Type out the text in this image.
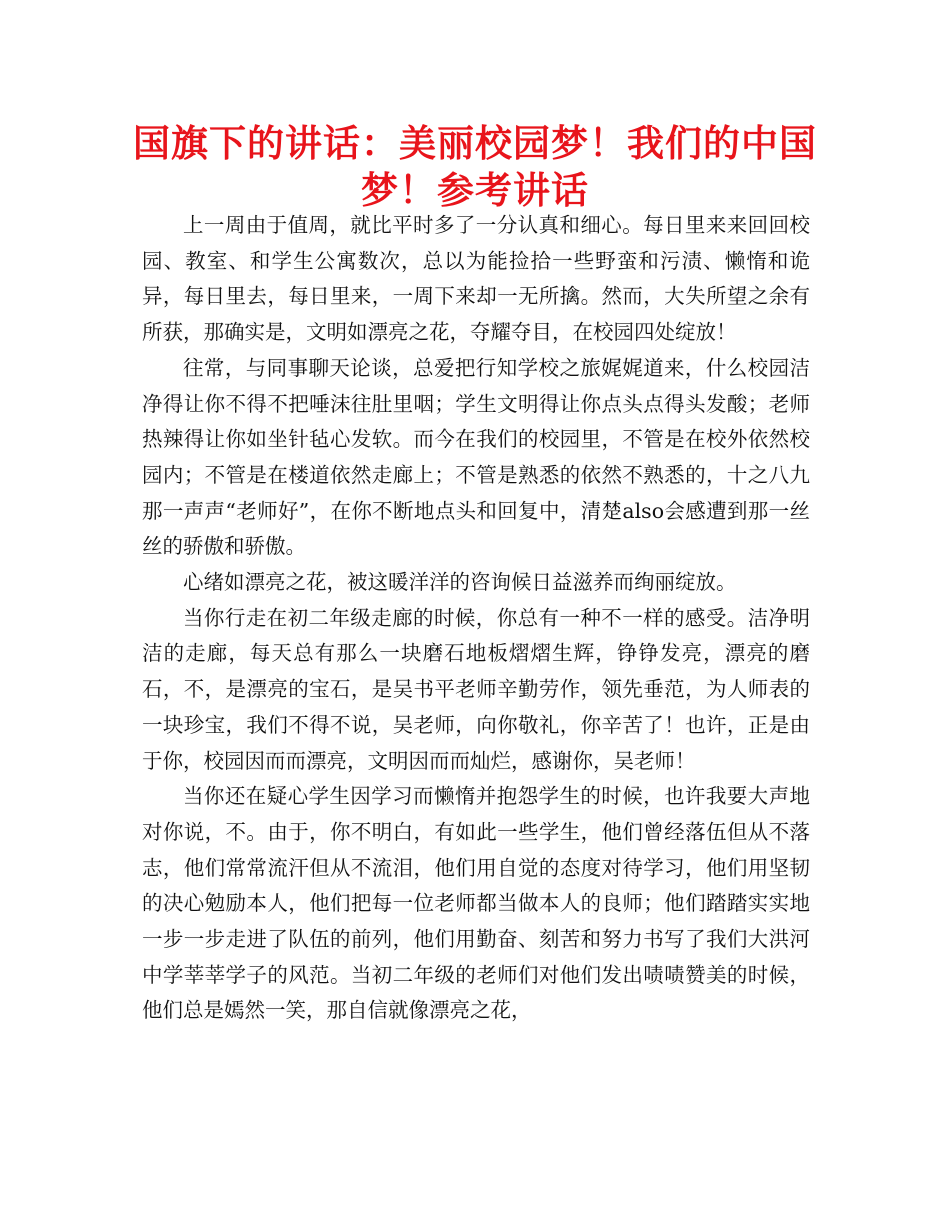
国旗下的讲话：美丽校园梦！我们的中国梦！参考讲话

上一周由于值周，就比平时多了一分认真和细心。每日里来来回回校园、教室、和学生公寓数次，总以为能捡拾一些野蛮和污渍、懒惰和诡异，每日里去，每日里来，一周下来却一无所擒。然而，大失所望之余有所获，那确实是，文明如漂亮之花，夺耀夺目，在校园四处绽放！

往常，与同事聊天论谈，总爱把行知学校之旅娓娓道来，什么校园洁净得让你不得不把唾沫往肚里咽；学生文明得让你点头点得头发酸；老师热辣得让你如坐针毡心发软。而今在我们的校园里，不管是在校外依然校园内；不管是在楼道依然走廊上；不管是熟悉的依然不熟悉的，十之八九那一声声“老师好”，在你不断地点头和回复中，清楚also会感遭到那一丝丝的骄傲和骄傲。

心绪如漂亮之花，被这暖洋洋的咨询候日益滋养而绚丽绽放。

当你行走在初二年级走廊的时候，你总有一种不一样的感受。洁净明洁的走廊，每天总有那么一块磨石地板熠熠生辉，铮铮发亮，漂亮的磨石，不，是漂亮的宝石，是吴书平老师辛勤劳作，领先垂范，为人师表的一块珍宝，我们不得不说，吴老师，向你敬礼，你辛苦了！也许，正是由于你，校园因而而漂亮，文明因而而灿烂，感谢你，吴老师！

当你还在疑心学生因学习而懒惰并抱怨学生的时候，也许我要大声地对你说，不。由于，你不明白，有如此一些学生，他们曾经落伍但从不落志，他们常常流汗但从不流泪，他们用自觉的态度对待学习，他们用坚韧的决心勉励本人，他们把每一位老师都当做本人的良师；他们踏踏实实地一步一步走进了队伍的前列，他们用勤奋、刻苦和努力书写了我们大洪河中学莘莘学子的风范。当初二年级的老师们对他们发出啧啧赞美的时候，他们总是嫣然一笑，那自信就像漂亮之花，
